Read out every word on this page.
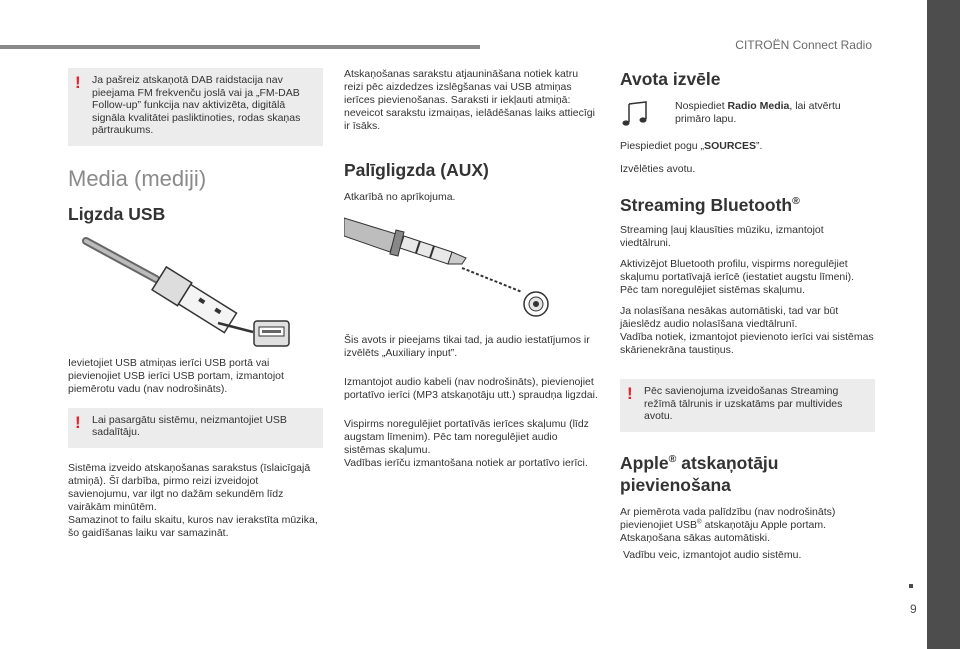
CITROËN Connect Radio
9
! Ja pašreiz atskaņotā DAB raidstacija nav pieejama FM frekvenču joslā vai ja „FM-DAB Follow-up” funkcija nav aktivizēta, digitālā signāla kvalitātei pasliktinoties, rodas skaņas pārtraukums.

Media (mediji)
Ligzda USB

Ievietojiet USB atmiņas ierīci USB portā vai pievienojiet USB ierīci USB portam, izmantojot piemērotu vadu (nav nodrošināts).

! Lai pasargātu sistēmu, neizmantojiet USB sadalītāju.

Sistēma izveido atskaņošanas sarakstus (īslaicīgajā atmiņā). Šī darbība, pirmo reizi izveidojot savienojumu, var ilgt no dažām sekundēm līdz vairākām minūtēm.

Samazinot to failu skaitu, kuros nav ierakstīta mūzika, šo gaidīšanas laiku var samazināt.

Atskaņošanas sarakstu atjaunināšana notiek katru reizi pēc aizdedzes izslēgšanas vai USB atmiņas ierīces pievienošanas. Saraksti ir iekļauti atmiņā: neveicot sarakstu izmaiņas, ielādēšanas laiks attiecīgi ir īsāks.

Palīgligzda (AUX)

Atkarībā no aprīkojuma.

Šis avots ir pieejams tikai tad, ja audio iestatījumos ir izvēlēts „Auxiliary input”.

Izmantojot audio kabeli (nav nodrošināts), pievienojiet portatīvo ierīci (MP3 atskaņotāju utt.) spraudņa ligzdai.

Vispirms noregulējiet portatīvās ierīces skaļumu (līdz augstam līmenim). Pēc tam noregulējiet audio sistēmas skaļumu.

Vadības ierīču izmantošana notiek ar portatīvo ierīci.

Avota izvēle

Nospiediet Radio Media, lai atvērtu primāro lapu.

Piespiediet pogu „SOURCES”.

Izvēlēties avotu.

Streaming Bluetooth®

Streaming ļauj klausīties mūziku, izmantojot viedtālruni.

Aktivizējot Bluetooth profilu, vispirms noregulējiet skaļumu portatīvajā ierīcē (iestatiet augstu līmeni).

Pēc tam noregulējiet sistēmas skaļumu.

Ja nolasīšana nesākas automātiski, tad var būt jāieslēdz audio nolasīšana viedtālrunī.

Vadība notiek, izmantojot pievienoto ierīci vai sistēmas skārienekrāna taustiņus.

! Pēc savienojuma izveidošanas Streaming režīmā tālrunis ir uzskatāms par multivides avotu.

Apple® atskaņotāju pievienošana

Ar piemērota vada palīdzību (nav nodrošināts) pievienojiet USB® atskaņotāju Apple portam.

Atskaņošana sākas automātiski.

Vadību veic, izmantojot audio sistēmu.
